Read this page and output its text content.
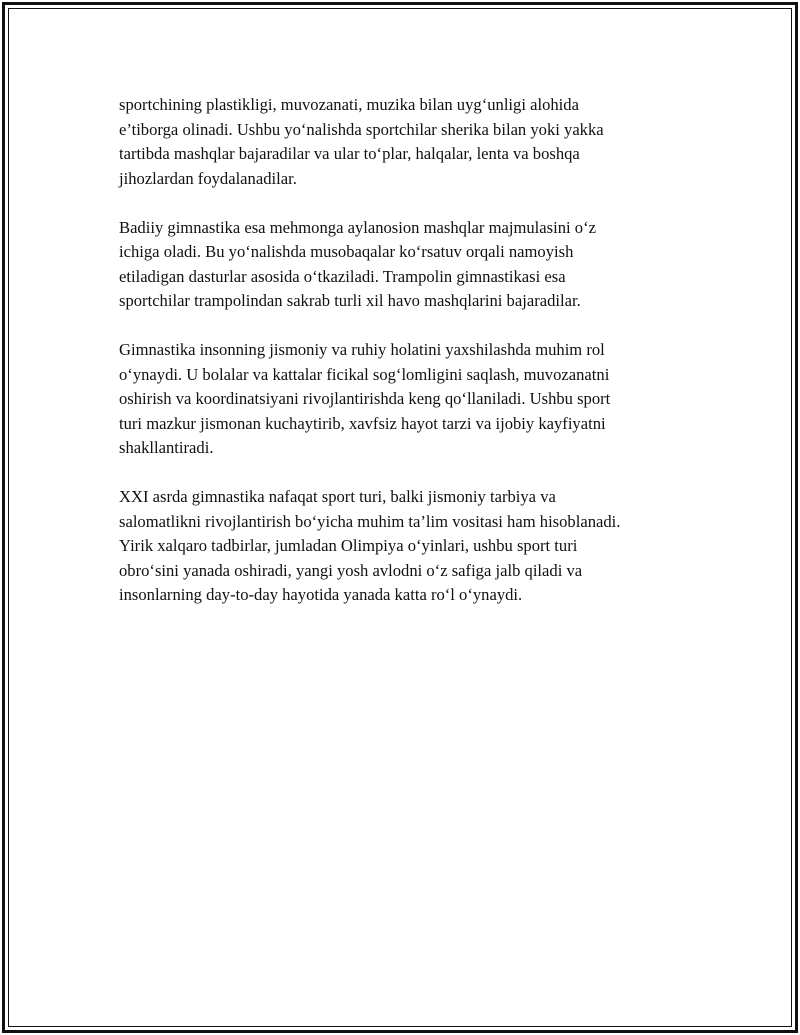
sportchining plastikligi, muvozanati, muzika bilan uyg‘unligi alohida
e’tiborga olinadi. Ushbu yo‘nalishda sportchilar sherika bilan yoki yakka
tartibda mashqlar bajaradilar va ular to‘plar, halqalar, lenta va boshqa
jihozlardan foydalanadilar.

Badiiy gimnastika esa mehmonga aylanosion mashqlar majmulasini o‘z
ichiga oladi. Bu yo‘nalishda musobaqalar ko‘rsatuv orqali namoyish
etiladigan dasturlar asosida o‘tkaziladi. Trampolin gimnastikasi esa
sportchilar trampolindan sakrab turli xil havo mashqlarini bajaradilar.

Gimnastika insonning jismoniy va ruhiy holatini yaxshilashda muhim rol
o‘ynaydi. U bolalar va kattalar ficikal sog‘lomligini saqlash, muvozanatni
oshirish va koordinatsiyani rivojlantirishda keng qo‘llaniladi. Ushbu sport
turi mazkur jismonan kuchaytirib, xavfsiz hayot tarzi va ijobiy kayfiyatni
shakllantiradi.

XXI asrda gimnastika nafaqat sport turi, balki jismoniy tarbiya va
salomatlikni rivojlantirish bo‘yicha muhim ta’lim vositasi ham hisoblanadi.
Yirik xalqaro tadbirlar, jumladan Olimpiya o‘yinlari, ushbu sport turi
obro‘sini yanada oshiradi, yangi yosh avlodni o‘z safiga jalb qiladi va
insonlarning day-to-day hayotida yanada katta ro‘l o‘ynaydi.
